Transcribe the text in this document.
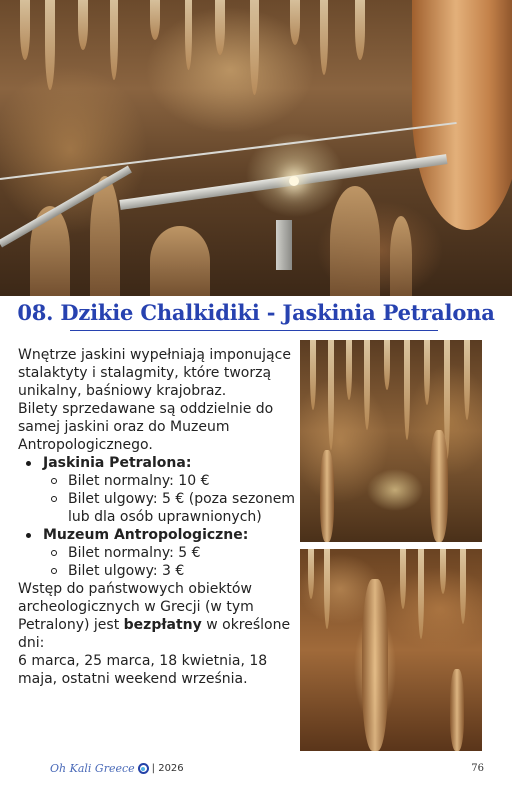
08. Dzikie Chalkidiki - Jaskinia Petralona

Wnętrze jaskini wypełniają imponujące stalaktyty i stalagmity, które tworzą unikalny, baśniowy krajobraz.

Bilety sprzedawane są oddzielnie do samej jaskini oraz do Muzeum Antropologicznego.

Jaskinia Petralona:
Bilet normalny: 10 €
Bilet ulgowy: 5 € (poza sezonem lub dla osób uprawnionych)
Muzeum Antropologiczne:
Bilet normalny: 5 €
Bilet ulgowy: 3 €

Wstęp do państwowych obiektów archeologicznych w Grecji (w tym Petralony) jest bezpłatny w określone dni:

6 marca, 25 marca, 18 kwietnia, 18 maja, ostatni weekend września.

Oh Kali Greece | 2026	76
